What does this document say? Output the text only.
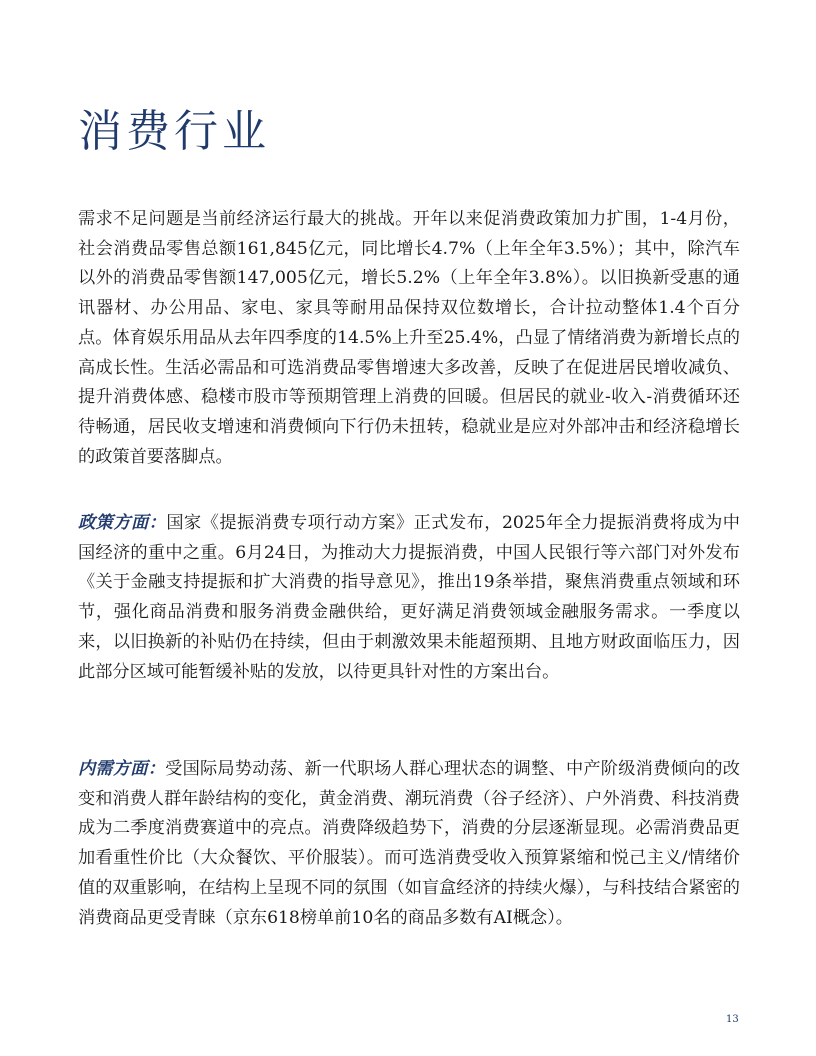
消费行业

需求不足问题是当前经济运行最大的挑战。开年以来促消费政策加力扩围，1-4月份，社会消费品零售总额161,845亿元，同比增长4.7%（上年全年3.5%）；其中，除汽车以外的消费品零售额147,005亿元，增长5.2%（上年全年3.8%）。以旧换新受惠的通讯器材、办公用品、家电、家具等耐用品保持双位数增长，合计拉动整体1.4个百分点。体育娱乐用品从去年四季度的14.5%上升至25.4%，凸显了情绪消费为新增长点的高成长性。生活必需品和可选消费品零售增速大多改善，反映了在促进居民增收减负、提升消费体感、稳楼市股市等预期管理上消费的回暖。但居民的就业-收入-消费循环还待畅通，居民收支增速和消费倾向下行仍未扭转，稳就业是应对外部冲击和经济稳增长的政策首要落脚点。

政策方面：国家《提振消费专项行动方案》正式发布，2025年全力提振消费将成为中国经济的重中之重。6月24日，为推动大力提振消费，中国人民银行等六部门对外发布《关于金融支持提振和扩大消费的指导意见》，推出19条举措，聚焦消费重点领域和环节，强化商品消费和服务消费金融供给，更好满足消费领域金融服务需求。一季度以来，以旧换新的补贴仍在持续，但由于刺激效果未能超预期、且地方财政面临压力，因此部分区域可能暂缓补贴的发放，以待更具针对性的方案出台。

内需方面：受国际局势动荡、新一代职场人群心理状态的调整、中产阶级消费倾向的改变和消费人群年龄结构的变化，黄金消费、潮玩消费（谷子经济）、户外消费、科技消费成为二季度消费赛道中的亮点。消费降级趋势下，消费的分层逐渐显现。必需消费品更加看重性价比（大众餐饮、平价服装）。而可选消费受收入预算紧缩和悦己主义/情绪价值的双重影响，在结构上呈现不同的氛围（如盲盒经济的持续火爆），与科技结合紧密的消费商品更受青睐（京东618榜单前10名的商品多数有AI概念）。

13
